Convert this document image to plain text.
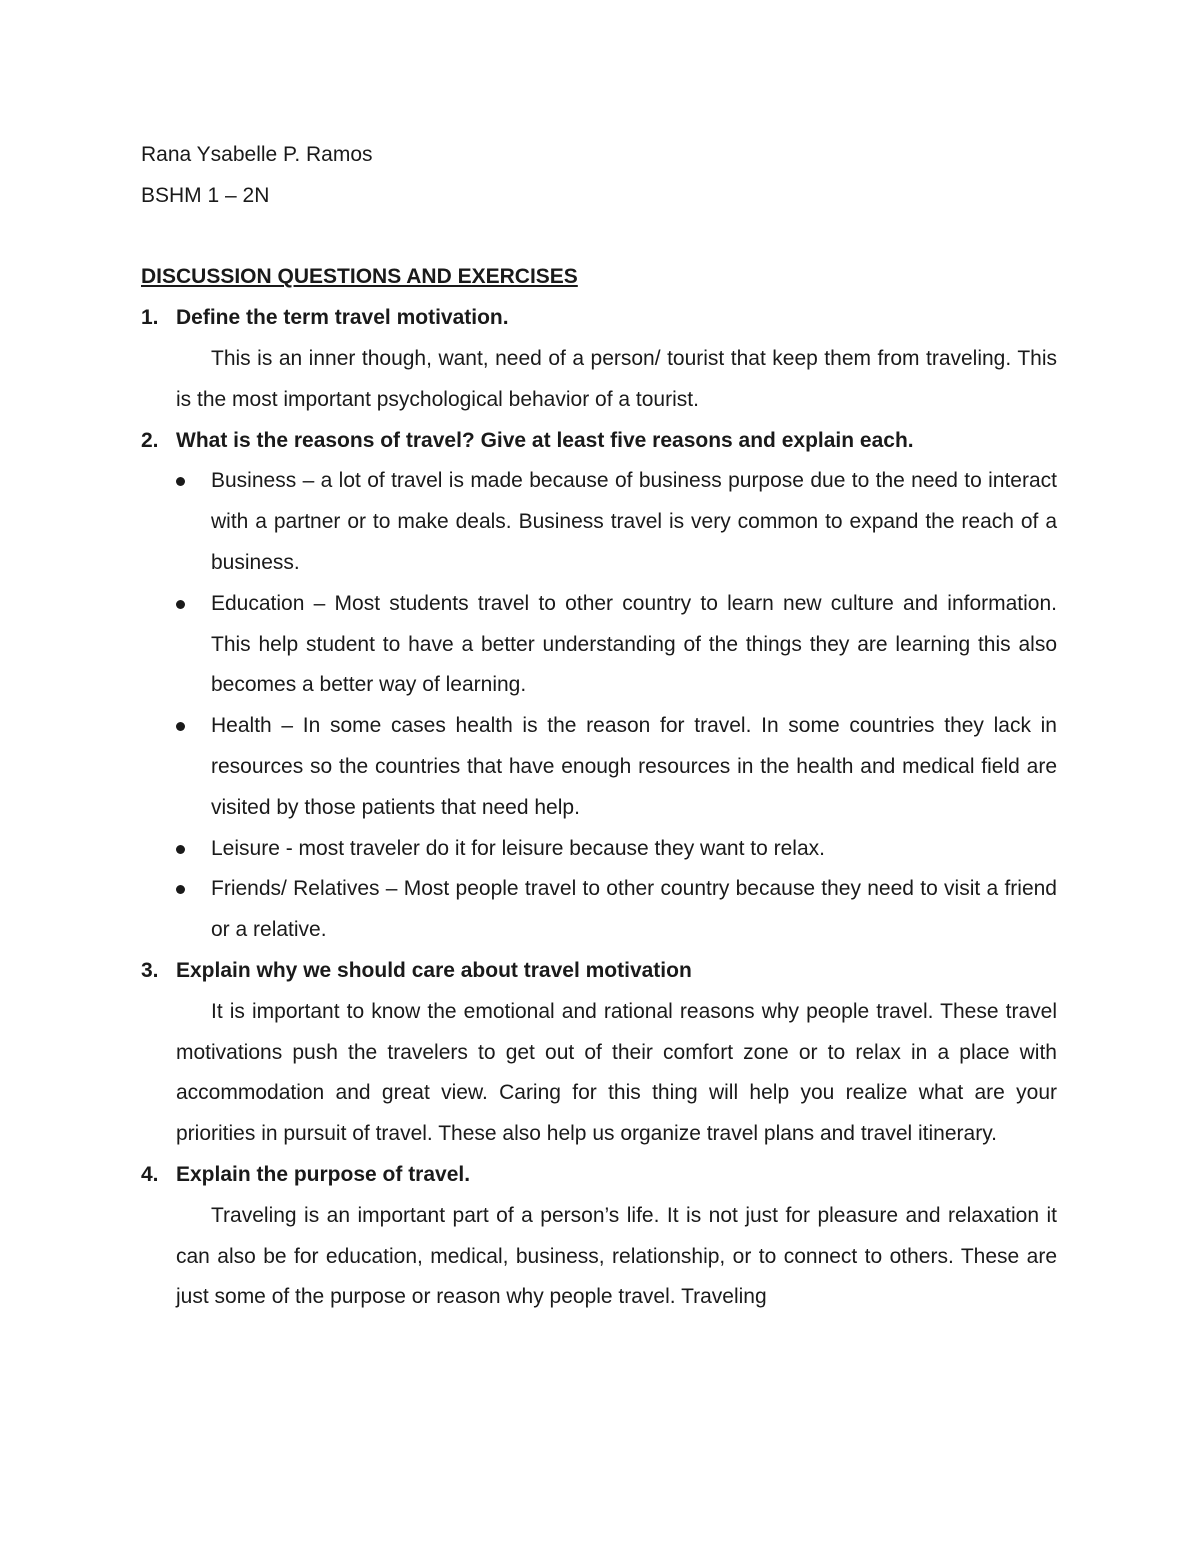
Rana Ysabelle P. Ramos

BSHM 1 – 2N

DISCUSSION QUESTIONS AND EXERCISES

1. Define the term travel motivation.

This is an inner though, want, need of a person/ tourist that keep them from traveling. This is the most important psychological behavior of a tourist.

2. What is the reasons of travel? Give at least five reasons and explain each.
Business – a lot of travel is made because of business purpose due to the need to interact with a partner or to make deals. Business travel is very common to expand the reach of a business.
Education – Most students travel to other country to learn new culture and information. This help student to have a better understanding of the things they are learning this also becomes a better way of learning.
Health – In some cases health is the reason for travel. In some countries they lack in resources so the countries that have enough resources in the health and medical field are visited by those patients that need help.
Leisure - most traveler do it for leisure because they want to relax.
Friends/ Relatives – Most people travel to other country because they need to visit a friend or a relative.
3. Explain why we should care about travel motivation

It is important to know the emotional and rational reasons why people travel. These travel motivations push the travelers to get out of their comfort zone or to relax in a place with accommodation and great view. Caring for this thing will help you realize what are your priorities in pursuit of travel. These also help us organize travel plans and travel itinerary.

4. Explain the purpose of travel.

Traveling is an important part of a person’s life. It is not just for pleasure and relaxation it can also be for education, medical, business, relationship, or to connect to others. These are just some of the purpose or reason why people travel. Traveling
